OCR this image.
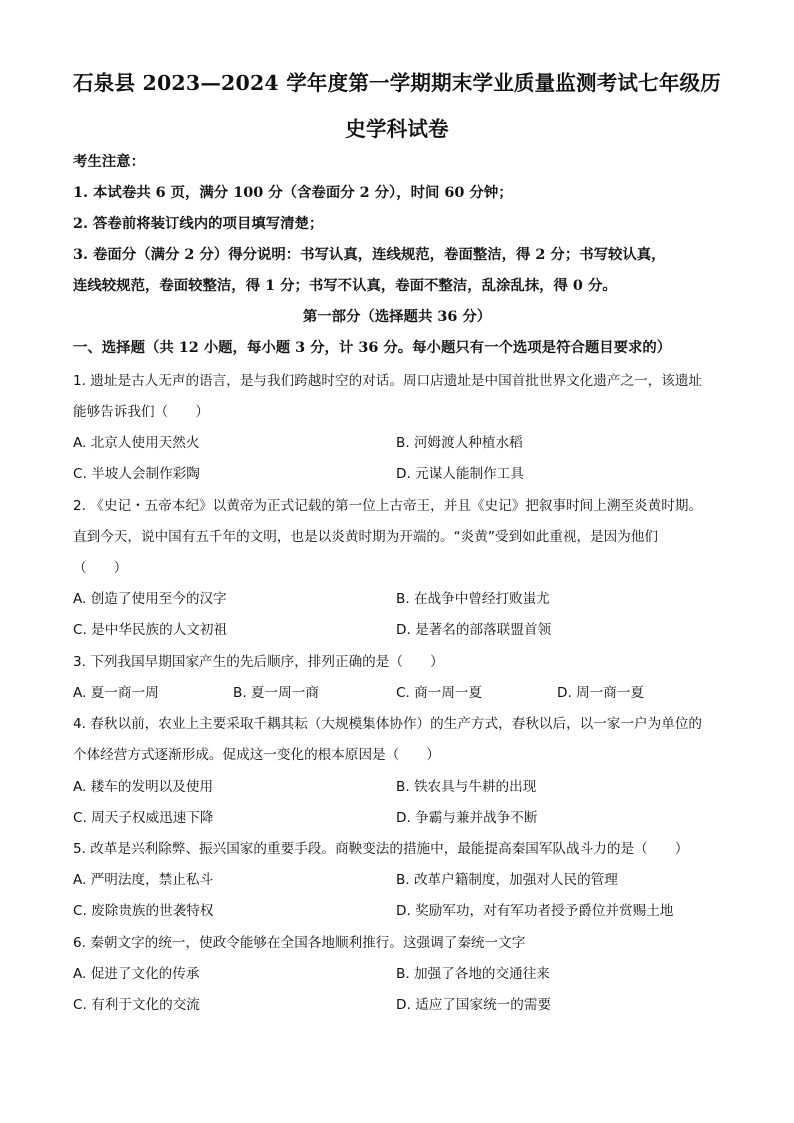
石泉县 2023—2024 学年度第一学期期末学业质量监测考试七年级历
史学科试卷
考生注意：
1. 本试卷共 6 页，满分 100 分（含卷面分 2 分），时间 60 分钟；
2. 答卷前将装订线内的项目填写清楚；
3. 卷面分（满分 2 分）得分说明：书写认真，连线规范，卷面整洁，得 2 分；书写较认真，
连线较规范，卷面较整洁，得 1 分；书写不认真，卷面不整洁，乱涂乱抹，得 0 分。
第一部分（选择题共 36 分）
一、选择题（共 12 小题，每小题 3 分，计 36 分。每小题只有一个选项是符合题目要求的）
1. 遗址是古人无声的语言，是与我们跨越时空的对话。周口店遗址是中国首批世界文化遗产之一，该遗址
能够告诉我们（　　）
A. 北京人使用天然火	B. 河姆渡人种植水稻
C. 半坡人会制作彩陶	D. 元谋人能制作工具
2. 《史记・五帝本纪》以黄帝为正式记载的第一位上古帝王，并且《史记》把叙事时间上溯至炎黄时期。
直到今天，说中国有五千年的文明，也是以炎黄时期为开端的。“炎黄”受到如此重视，是因为他们
（　　）
A. 创造了使用至今的汉字	B. 在战争中曾经打败蚩尤
C. 是中华民族的人文初祖	D. 是著名的部落联盟首领
3. 下列我国早期国家产生的先后顺序，排列正确的是（　　）
A. 夏一商一周	B. 夏一周一商	C. 商一周一夏	D. 周一商一夏
4. 春秋以前，农业上主要采取千耦其耘（大规模集体协作）的生产方式，春秋以后，以一家一户为单位的
个体经营方式逐渐形成。促成这一变化的根本原因是（　　）
A. 耧车的发明以及使用	B. 铁农具与牛耕的出现
C. 周天子权威迅速下降	D. 争霸与兼并战争不断
5. 改革是兴利除弊、振兴国家的重要手段。商鞅变法的措施中，最能提高秦国军队战斗力的是（　　）
A. 严明法度，禁止私斗	B. 改革户籍制度，加强对人民的管理
C. 废除贵族的世袭特权	D. 奖励军功，对有军功者授予爵位并赏赐土地
6. 秦朝文字的统一，使政令能够在全国各地顺利推行。这强调了秦统一文字
A. 促进了文化的传承	B. 加强了各地的交通往来
C. 有利于文化的交流	D. 适应了国家统一的需要
